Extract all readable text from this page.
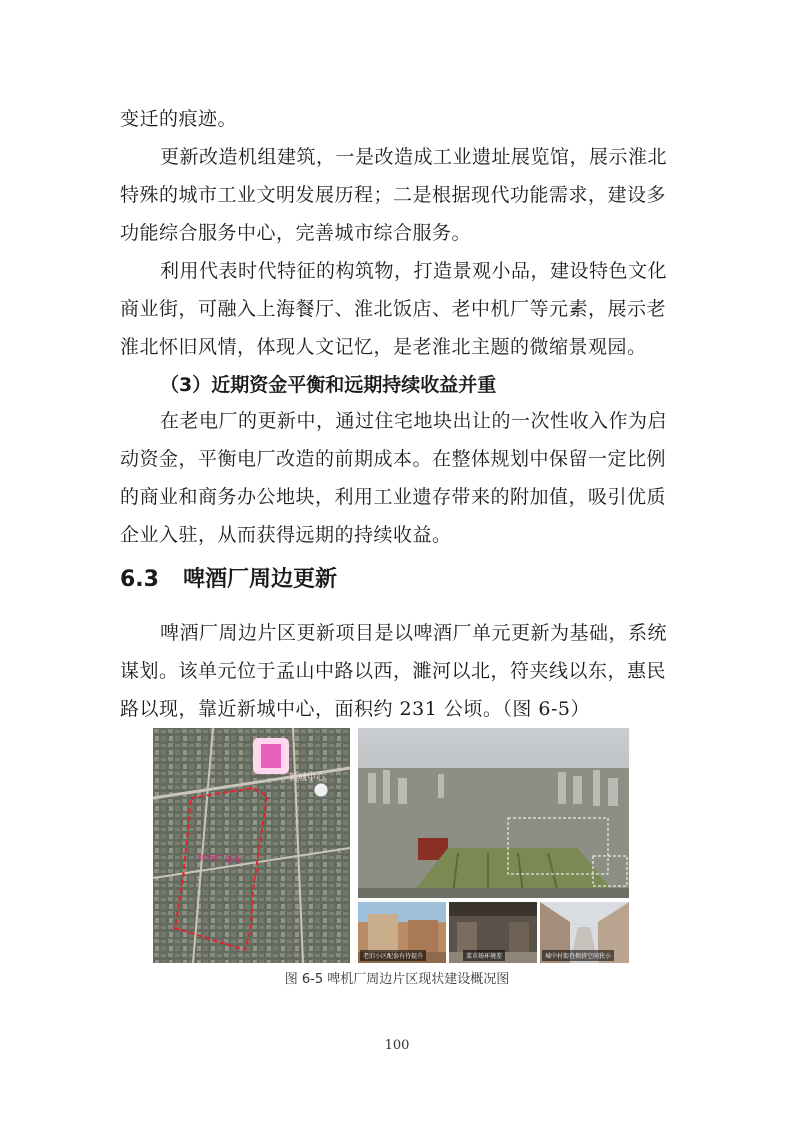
变迁的痕迹。
更新改造机组建筑，一是改造成工业遗址展览馆，展示淮北
特殊的城市工业文明发展历程；二是根据现代功能需求，建设多
功能综合服务中心，完善城市综合服务。
利用代表时代特征的构筑物，打造景观小品，建设特色文化
商业街，可融入上海餐厅、淮北饭店、老中机厂等元素，展示老
淮北怀旧风情，体现人文记忆，是老淮北主题的微缩景观园。
（3）近期资金平衡和远期持续收益并重
在老电厂的更新中，通过住宅地块出让的一次性收入作为启
动资金，平衡电厂改造的前期成本。在整体规划中保留一定比例
的商业和商务办公地块，利用工业遗存带来的附加值，吸引优质
企业入驻，从而获得远期的持续收益。
6.3 啤酒厂周边更新
啤酒厂周边片区更新项目是以啤酒厂单元更新为基础，系统
谋划。该单元位于孟山中路以西，濉河以北，符夹线以东，惠民
路以现，靠近新城中心，面积约 231 公顷。（图 6-5）
新城中心
啤酒厂单元
老旧小区配套有待提升	菜市场环境差	城中村街巷拥挤空间狭小
图 6-5 啤机厂周边片区现状建设概况图
100
